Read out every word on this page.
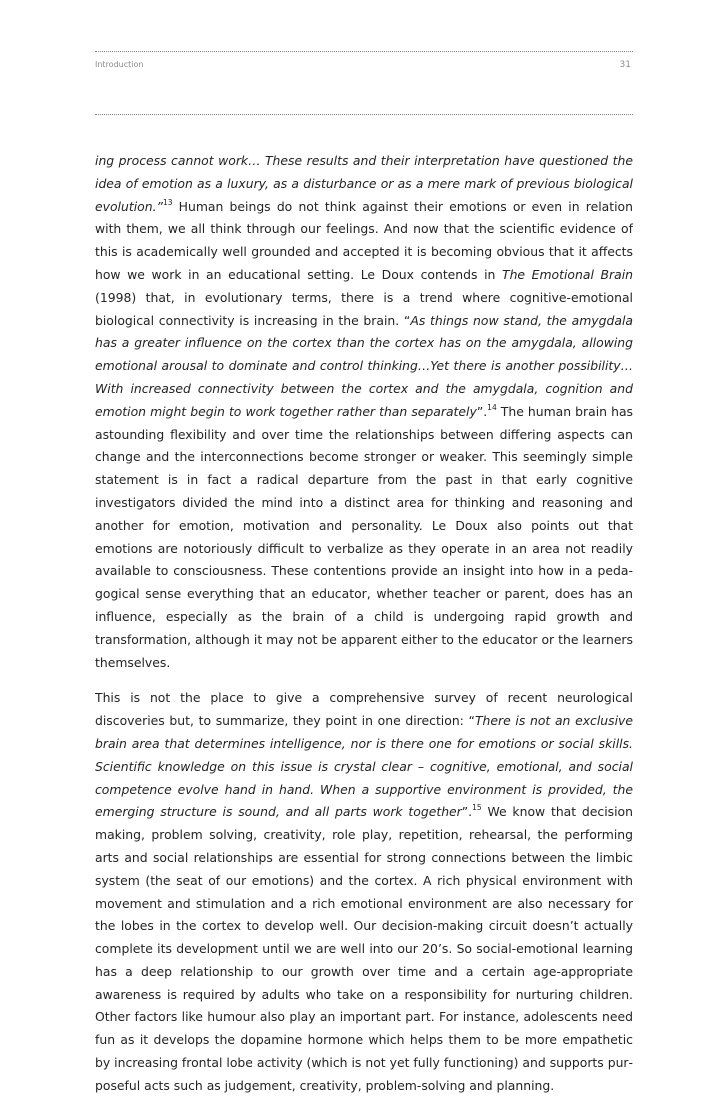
Introduction	31

ing process cannot work… These results and their interpretation have questioned the idea of emotion as a luxury, as a disturbance or as a mere mark of previous biological evolution.”$^{13}$ Human beings do not think against their emotions or even in relation with them, we all think through our feelings. And now that the scientific evidence of this is academically well grounded and accepted it is becoming obvious that it affects how we work in an educational setting. Le Doux contends in The Emotional Brain (1998) that, in evolutionary terms, there is a trend where cognitive-emotional biological connectivity is increasing in the brain. “As things now stand, the amygdala has a greater influence on the cortex than the cortex has on the amygdala, allowing emotional arousal to dominate and control thinking…Yet there is another possibility… With increased connectivity between the cortex and the amygdala, cognition and emotion might begin to work together rather than separately”.$^{14}$ The human brain has astounding flexibility and over time the relationships between differing aspects can change and the interconnections become stronger or weaker. This seemingly simple statement is in fact a radical departure from the past in that early cognitive investigators divided the mind into a distinct area for thinking and reasoning and another for emotion, motivation and personality. Le Doux also points out that emotions are notoriously difficult to verbalize as they operate in an area not readily available to consciousness. These contentions provide an insight into how in a pedagogical sense everything that an educator, whether teacher or parent, does has an influence, especially as the brain of a child is undergoing rapid growth and transformation, although it may not be apparent either to the educator or the learners themselves.

This is not the place to give a comprehensive survey of recent neurological discoveries but, to summarize, they point in one direction: “There is not an exclusive brain area that determines intelligence, nor is there one for emotions or social skills. Scientific knowledge on this issue is crystal clear – cognitive, emotional, and social competence evolve hand in hand. When a supportive environment is provided, the emerging structure is sound, and all parts work together”.$^{15}$ We know that decision making, problem solving, creativity, role play, repetition, rehearsal, the performing arts and social relationships are essential for strong connections between the limbic system (the seat of our emotions) and the cortex. A rich physical environment with movement and stimulation and a rich emotional environment are also necessary for the lobes in the cortex to develop well. Our decision-making circuit doesn’t actually complete its development until we are well into our 20’s. So social-emotional learning has a deep relationship to our growth over time and a certain age-appropriate awareness is required by adults who take on a responsibility for nurturing children. Other factors like humour also play an important part. For instance, adolescents need fun as it develops the dopamine hormone which helps them to be more empathetic by increasing frontal lobe activity (which is not yet fully functioning) and supports purposeful acts such as judgement, creativity, problem-solving and planning.
